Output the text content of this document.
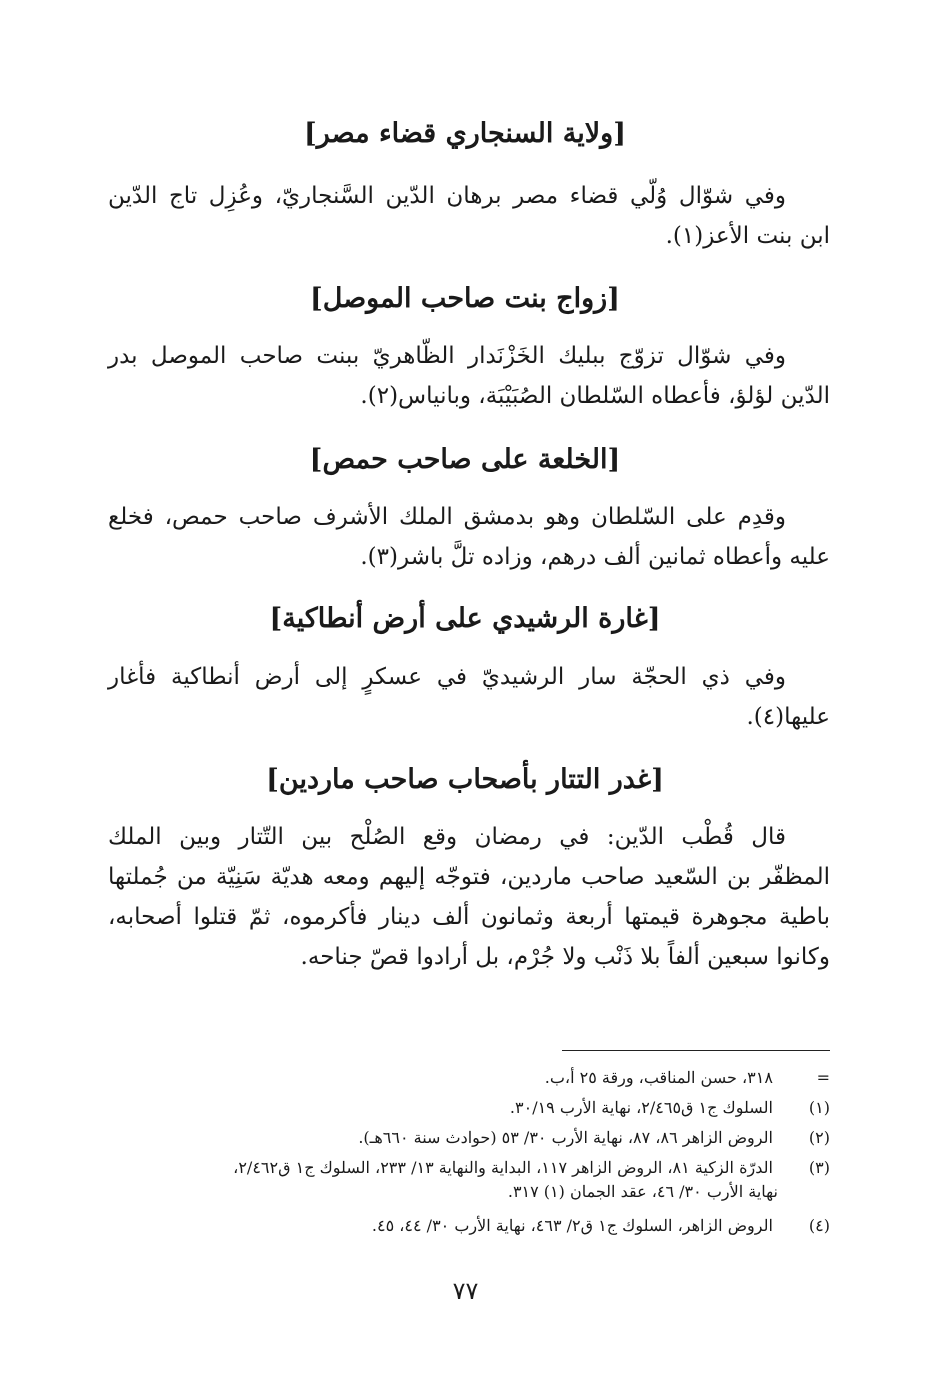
[ولاية السنجاري قضاء مصر]
وفي شوّال وُلّي قضاء مصر برهان الدّين السَّنجاريّ، وعُزِل تاج الدّين
ابن بنت الأعز(١).
[زواج بنت صاحب الموصل]
وفي شوّال تزوّج ببليك الخَزْنَدار الظّاهريّ ببنت صاحب الموصل بدر
الدّين لؤلؤ، فأعطاه السّلطان الصُبَيْبَة، وبانياس(٢).
[الخلعة على صاحب حمص]
وقدِم على السّلطان وهو بدمشق الملك الأشرف صاحب حمص، فخلع
عليه وأعطاه ثمانين ألف درهم، وزاده تلَّ باشر(٣).
[غارة الرشيدي على أرض أنطاكية]
وفي ذي الحجّة سار الرشيديّ في عسكرٍ إلى أرض أنطاكية فأغار
عليها(٤).
[غدر التتار بأصحاب صاحب ماردين]
قال قُطْب الدّين: في رمضان وقع الصُلْح بين التّتار وبين الملك
المظفّر بن السّعيد صاحب ماردين، فتوجّه إليهم ومعه هديّة سَنِيّة من جُملتها
باطية مجوهرة قيمتها أربعة وثمانون ألف دينار فأكرموه، ثمّ قتلوا أصحابه،
وكانوا سبعين ألفاً بلا ذَنْب ولا جُرْم، بل أرادوا قصّ جناحه.
= ٣١٨، حسن المناقب، ورقة ٢٥ أ،ب.
(١) السلوك ج١ ق٢/٤٦٥، نهاية الأرب ٣٠/١٩.
(٢) الروض الزاهر ٨٦، ٨٧، نهاية الأرب ٣٠/ ٥٣ (حوادث سنة ٦٦٠هـ).
(٣) الدرّة الزكية ٨١، الروض الزاهر ١١٧، البداية والنهاية ١٣/ ٢٣٣، السلوك ج١ ق٢/٤٦٢،
نهاية الأرب ٣٠/ ٤٦، عقد الجمان (١) ٣١٧.
(٤) الروض الزاهر، السلوك ج١ ق٢/ ٤٦٣، نهاية الأرب ٣٠/ ٤٤، ٤٥.
٧٧
